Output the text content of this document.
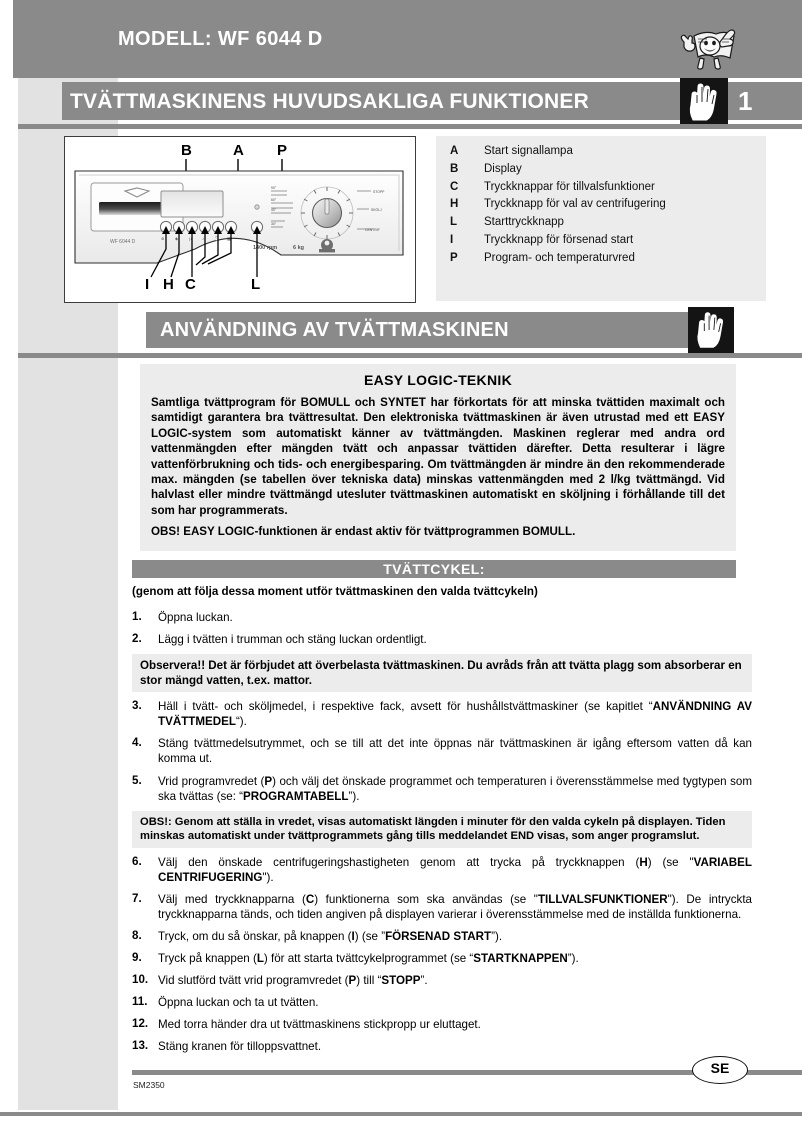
MODELL: WF 6044 D
TVÄTTMASKINENS HUVUDSAKLIGA FUNKTIONER	1
B	A P
WF 6044 D
⊘	◈	|↓ ♪	⌚ ▦
90°
60°
40°
30°
STOPP
SKÖLJ
CENTRIF
1400 rpm	6 kg
I H C	L
A	Start signallampa
B	Display
C	Tryckknappar för tillvalsfunktioner
H	Tryckknapp för val av centrifugering
L	Starttryckknapp
I	Tryckknapp för försenad start
P	Program- och temperaturvred
ANVÄNDNING AV TVÄTTMASKINEN
EASY LOGIC-TEKNIK
Samtliga tvättprogram för BOMULL och SYNTET har förkortats för att minska tvättiden maximalt och samtidigt garantera bra tvättresultat. Den elektroniska tvättmaskinen är även utrustad med ett EASY LOGIC-system som automatiskt känner av tvättmängden. Maskinen reglerar med andra ord vattenmängden efter mängden tvätt och anpassar tvättiden därefter. Detta resulterar i lägre vattenförbrukning och tids- och energibesparing. Om tvättmängden är mindre än den rekommenderade max. mängden (se tabellen över tekniska data) minskas vattenmängden med 2 l/kg tvättmängd. Vid halvlast eller mindre tvättmängd utesluter tvättmaskinen automatiskt en sköljning i förhållande till det som har programmerats.
OBS! EASY LOGIC-funktionen är endast aktiv för tvättprogrammen BOMULL.
TVÄTTCYKEL:
(genom att följa dessa moment utför tvättmaskinen den valda tvättcykeln)
1.	Öppna luckan.
2.	Lägg i tvätten i trumman och stäng luckan ordentligt.
Observera!! Det är förbjudet att överbelasta tvättmaskinen. Du avråds från att tvätta plagg som absorberar en stor mängd vatten, t.ex. mattor.
3.	Häll i tvätt- och sköljmedel, i respektive fack, avsett för hushållstvättmaskiner (se kapitlet “ANVÄNDNING AV TVÄTTMEDEL“).
4.	Stäng tvättmedelsutrymmet, och se till att det inte öppnas när tvättmaskinen är igång eftersom vatten då kan komma ut.
5.	Vrid programvredet (P) och välj det önskade programmet och temperaturen i överensstämmelse med tygtypen som ska tvättas (se: “PROGRAMTABELL”).
OBS!: Genom att ställa in vredet, visas automatiskt längden i minuter för den valda cykeln på displayen. Tiden minskas automatiskt under tvättprogrammets gång tills meddelandet END visas, som anger programslut.
6.	Välj den önskade centrifugeringshastigheten genom att trycka på tryckknappen (H) (se "VARIABEL CENTRIFUGERING").
7.	Välj med tryckknapparna (C) funktionerna som ska användas (se "TILLVALSFUNKTIONER"). De intryckta tryckknapparna tänds, och tiden angiven på displayen varierar i överensstämmelse med de inställda funktionerna.
8.	Tryck, om du så önskar, på knappen (I) (se ”FÖRSENAD START”).
9.	Tryck på knappen (L) för att starta tvättcykelprogrammet (se “STARTKNAPPEN”).
10. Vid slutförd tvätt vrid programvredet (P) till “STOPP”.
11. Öppna luckan och ta ut tvätten.
12. Med torra händer dra ut tvättmaskinens stickpropp ur eluttaget.
13. Stäng kranen för tilloppsvattnet.
SE
SM2350
